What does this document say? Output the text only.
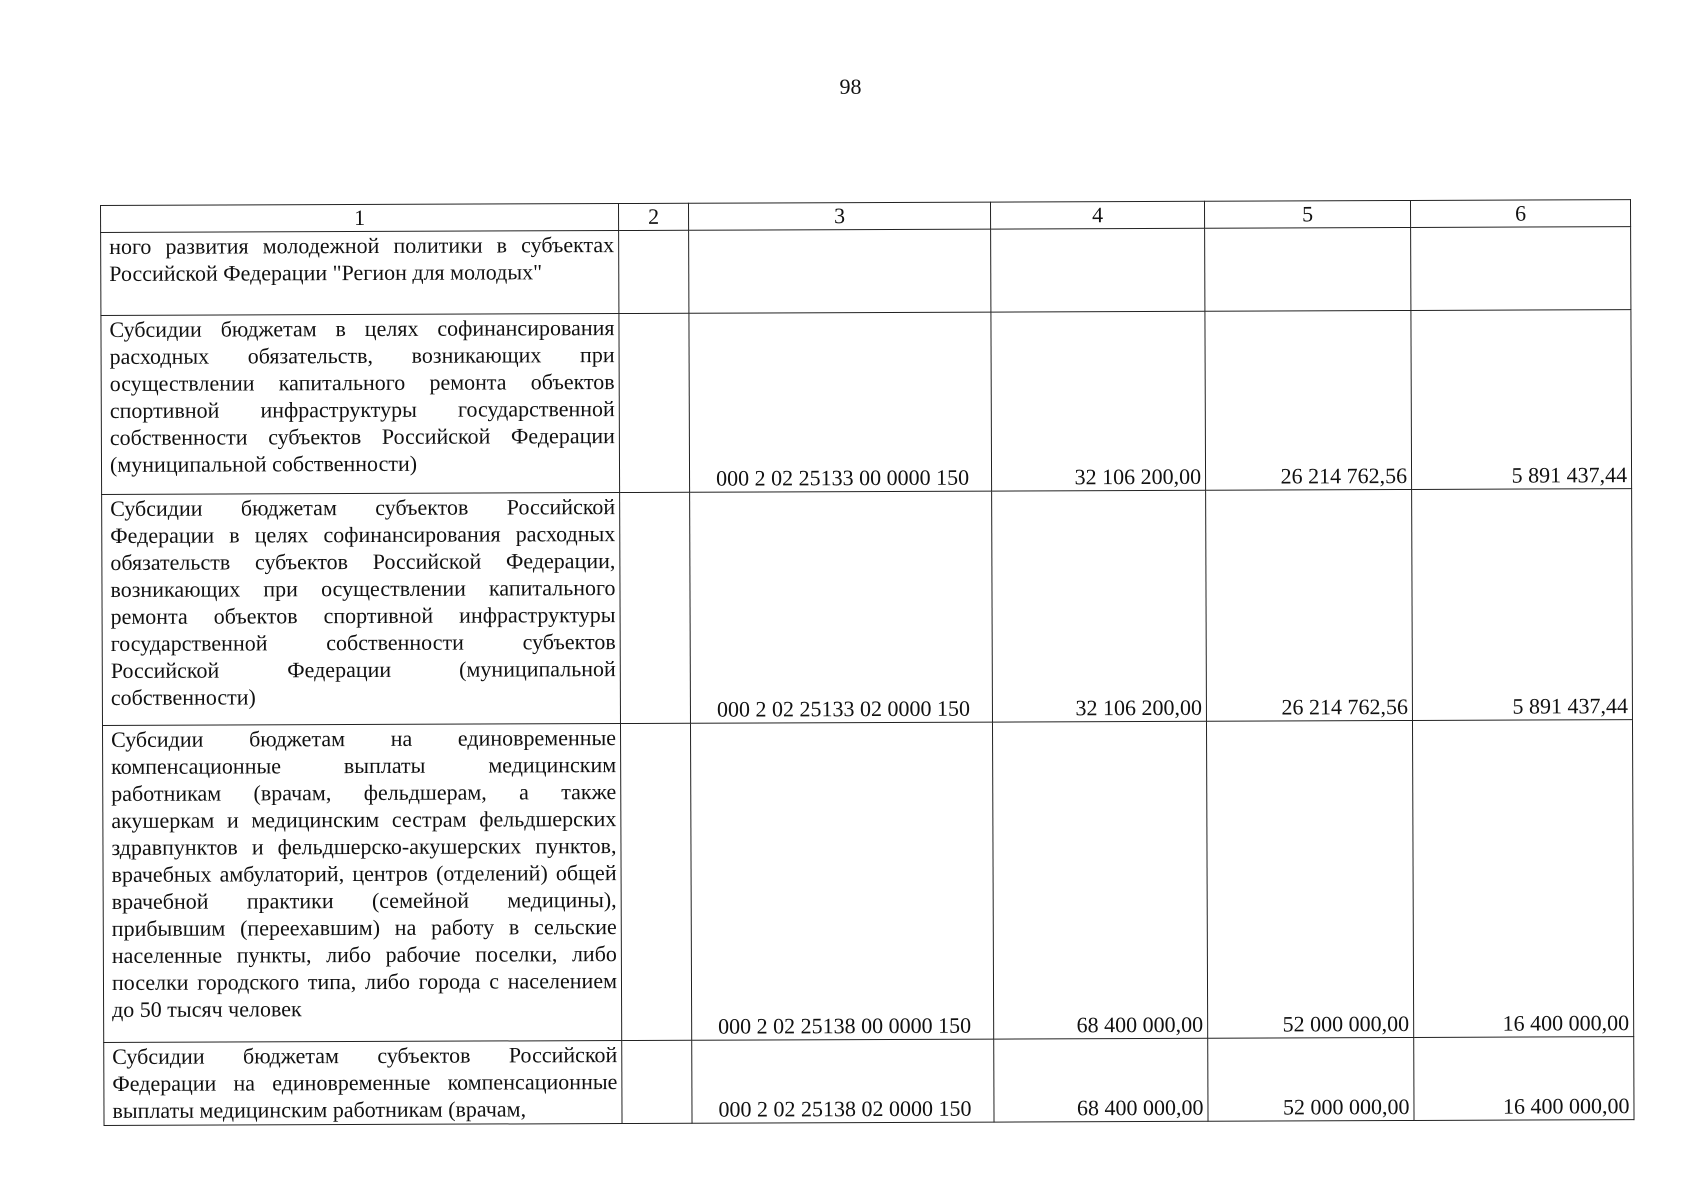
98
1	2	3	4	5	6
ного развития молодежной политики в субъектах Российской Федерации "Регион для молодых"					
Субсидии бюджетам в целях софинансирования расходных обязательств, возникающих при осуществлении капитального ремонта объектов спортивной инфраструктуры государственной собственности субъектов Российской Федерации (муниципальной собственности)		000 2 02 25133 00 0000 150	32 106 200,00	26 214 762,56	5 891 437,44
Субсидии бюджетам субъектов Российской Федерации в целях софинансирования расходных обязательств субъектов Российской Федерации, возникающих при осуществлении капитального ремонта объектов спортивной инфраструктуры государственной собственности субъектов Российской Федерации (муниципальной собственности)		000 2 02 25133 02 0000 150	32 106 200,00	26 214 762,56	5 891 437,44
Субсидии бюджетам на единовременные компенсационные выплаты медицинским работникам (врачам, фельдшерам, а также акушеркам и медицинским сестрам фельдшерских здравпунктов и фельдшерско-акушерских пунктов, врачебных амбулаторий, центров (отделений) общей врачебной практики (семейной медицины), прибывшим (переехавшим) на работу в сельские населенные пункты, либо рабочие поселки, либо поселки городского типа, либо города с населением до 50 тысяч человек		000 2 02 25138 00 0000 150	68 400 000,00	52 000 000,00	16 400 000,00
Субсидии бюджетам субъектов Российской Федерации на единовременные компенсационные выплаты медицинским работникам (врачам,		000 2 02 25138 02 0000 150	68 400 000,00	52 000 000,00	16 400 000,00
